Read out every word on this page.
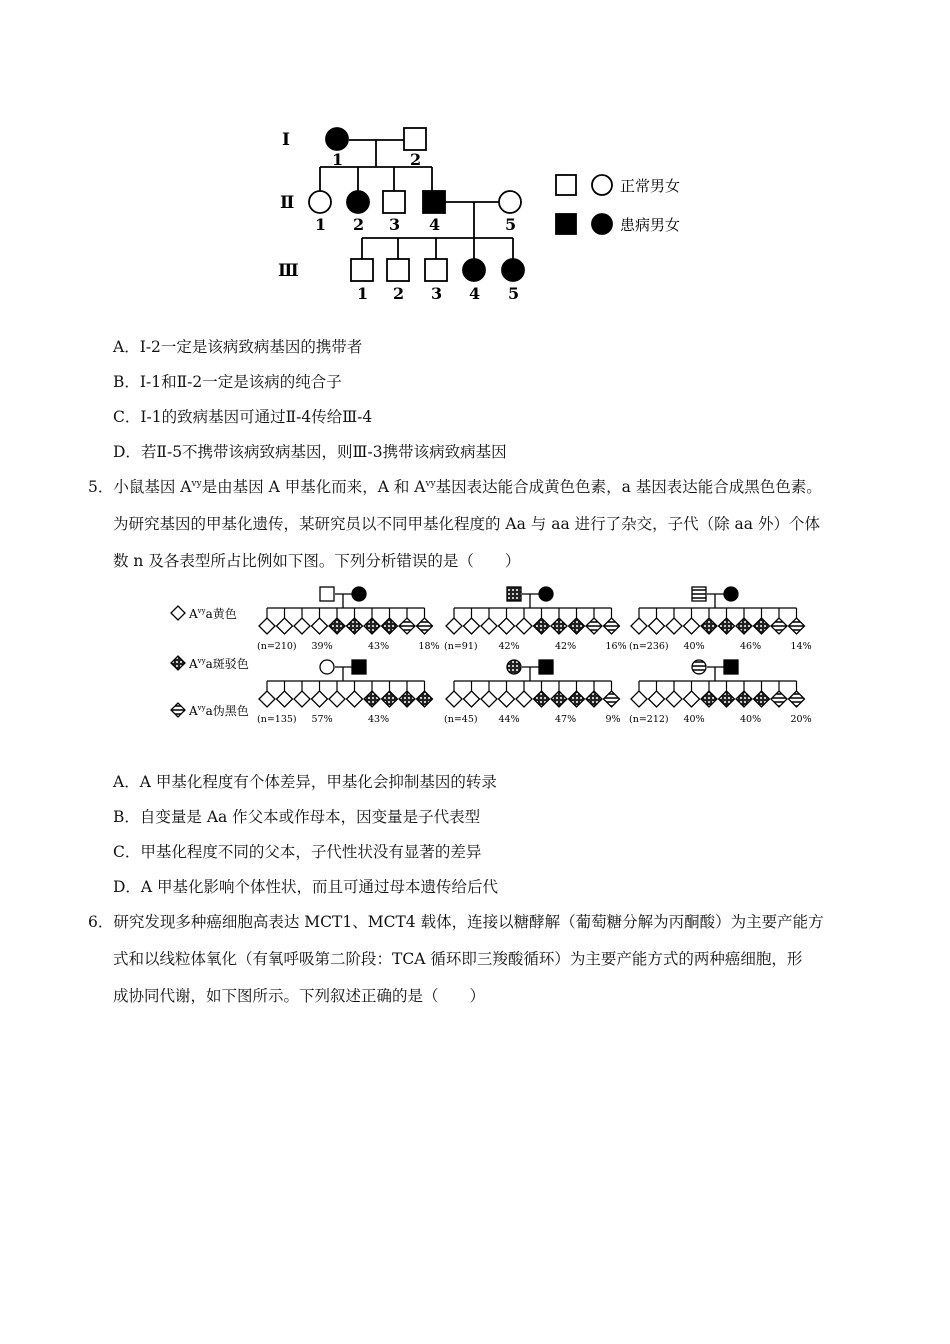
Ⅰ
Ⅱ
Ⅲ
1	2
1 2 3 4	5
1 2 3 4 5
正常男女
患病男女
A．Ⅰ-2一定是该病致病基因的携带者
B．Ⅰ-1和Ⅱ-2一定是该病的纯合子
C．Ⅰ-1的致病基因可通过Ⅱ-4传给Ⅲ-4
D．若Ⅱ-5不携带该病致病基因，则Ⅲ-3携带该病致病基因
5．小鼠基因 $A^{vy}$是由基因 A 甲基化而来，A 和 $A^{vy}$基因表达能合成黄色色素，a 基因表达能合成黑色色素。
为研究基因的甲基化遗传，某研究员以不同甲基化程度的 Aa 与 aa 进行了杂交，子代（除 aa 外）个体
数 n 及各表型所占比例如下图。下列分析错误的是（　　）
$A^{vy}a$黄色
$A^{vy}a$斑驳色
$A^{vy}a$伪黑色
(n=210) 39%	43%	18% (n=91) 42%	42%	16% (n=236) 40%	46%	14%
(n=135) 57%	43%	(n=45) 44%	47%	9% (n=212) 40%	40%	20%
A．A 甲基化程度有个体差异，甲基化会抑制基因的转录
B．自变量是 Aa 作父本或作母本，因变量是子代表型
C．甲基化程度不同的父本，子代性状没有显著的差异
D．A 甲基化影响个体性状，而且可通过母本遗传给后代
6．研究发现多种癌细胞高表达 MCT1、MCT4 载体，连接以糖酵解（葡萄糖分解为丙酮酸）为主要产能方
式和以线粒体氧化（有氧呼吸第二阶段：TCA 循环即三羧酸循环）为主要产能方式的两种癌细胞，形
成协同代谢，如下图所示。下列叙述正确的是（　　）
